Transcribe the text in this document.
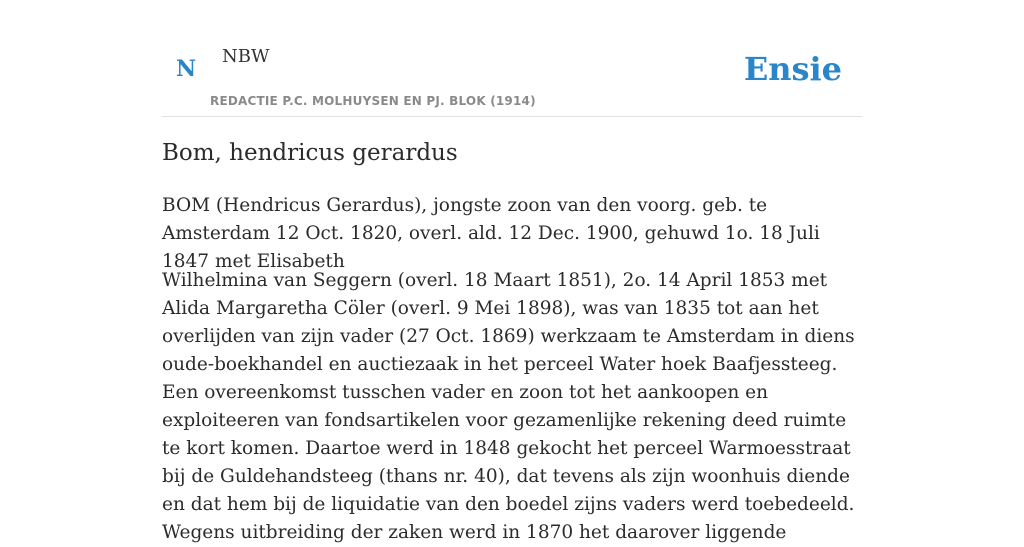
N NBW
REDACTIE P.C. MOLHUYSEN EN PJ. BLOK (1914)
Ensie
Bom, hendricus gerardus

BOM (Hendricus Gerardus), jongste zoon van den voorg. geb. te Amsterdam 12 Oct. 1820, overl. ald. 12 Dec. 1900, gehuwd 1o. 18 Juli 1847 met Elisabeth

Wilhelmina van Seggern (overl. 18 Maart 1851), 2o. 14 April 1853 met Alida Margaretha Cöler (overl. 9 Mei 1898), was van 1835 tot aan het overlijden van zijn vader (27 Oct. 1869) werkzaam te Amsterdam in diens oude-boekhandel en auctiezaak in het perceel Water hoek Baafjessteeg. Een overeenkomst tusschen vader en zoon tot het aankoopen en exploiteeren van fondsartikelen voor gezamenlijke rekening deed ruimte te kort komen. Daartoe werd in 1848 gekocht het perceel Warmoesstraat bij de Guldehandsteeg (thans nr. 40), dat tevens als zijn woonhuis diende en dat hem bij de liquidatie van den boedel zijns vaders werd toebedeeld. Wegens uitbreiding der zaken werd in 1870 het daarover liggende
